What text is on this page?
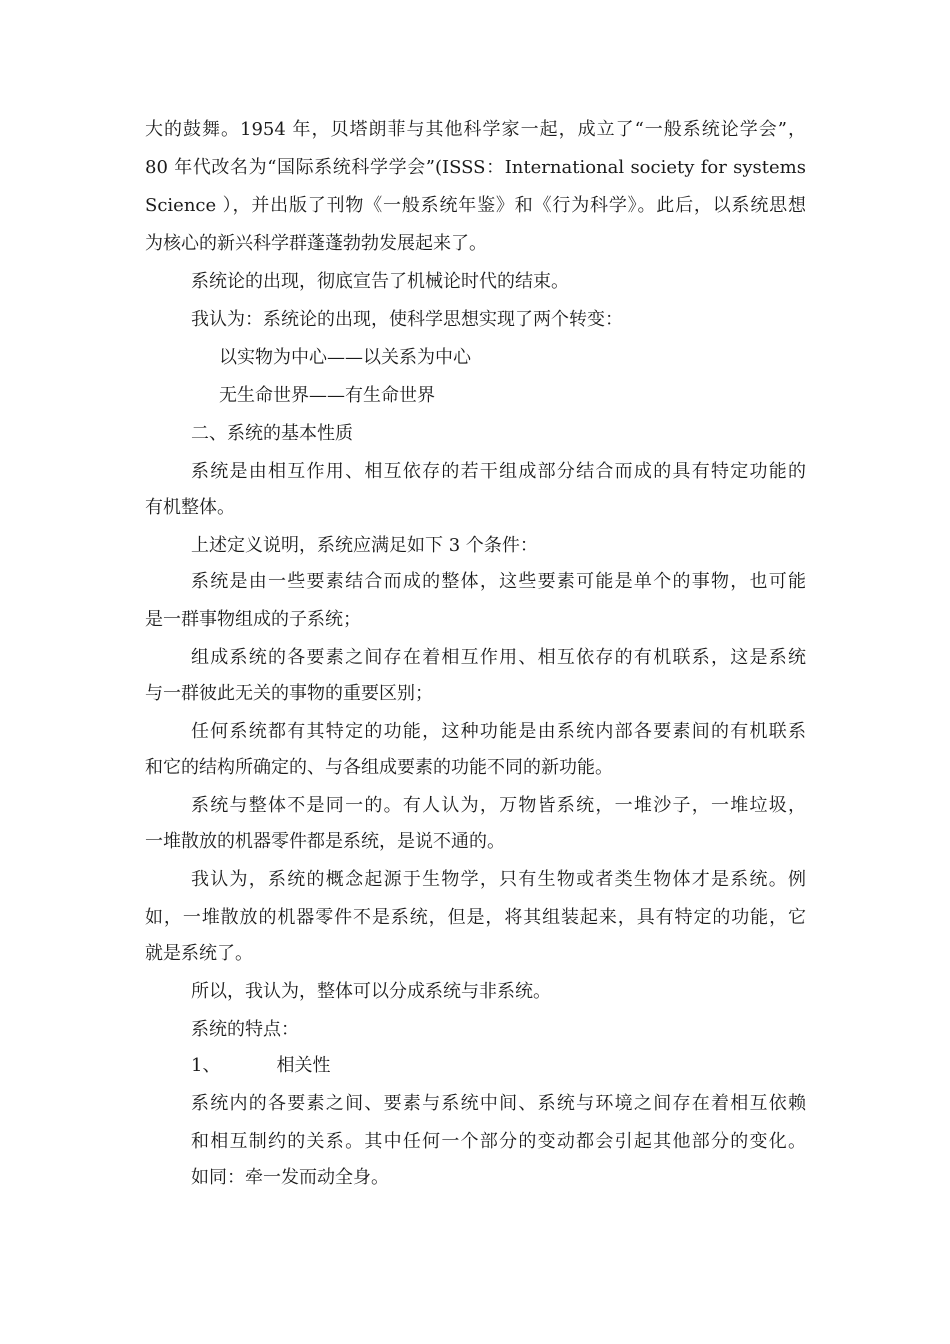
大的鼓舞。1954 年，贝塔朗菲与其他科学家一起，成立了“一般系统论学会”，
80 年代改名为“国际系统科学学会”(ISSS：International society for systems
Science ），并出版了刊物《一般系统年鉴》和《行为科学》。此后，以系统思想
为核心的新兴科学群蓬蓬勃勃发展起来了。
系统论的出现，彻底宣告了机械论时代的结束。
我认为：系统论的出现，使科学思想实现了两个转变：
以实物为中心——以关系为中心
无生命世界——有生命世界
二、系统的基本性质
系统是由相互作用、相互依存的若干组成部分结合而成的具有特定功能的
有机整体。
上述定义说明，系统应满足如下 3 个条件：
系统是由一些要素结合而成的整体，这些要素可能是单个的事物，也可能
是一群事物组成的子系统；
组成系统的各要素之间存在着相互作用、相互依存的有机联系，这是系统
与一群彼此无关的事物的重要区别；
任何系统都有其特定的功能，这种功能是由系统内部各要素间的有机联系
和它的结构所确定的、与各组成要素的功能不同的新功能。
系统与整体不是同一的。有人认为，万物皆系统，一堆沙子，一堆垃圾，
一堆散放的机器零件都是系统，是说不通的。
我认为，系统的概念起源于生物学，只有生物或者类生物体才是系统。例
如，一堆散放的机器零件不是系统，但是，将其组装起来，具有特定的功能，它
就是系统了。
所以，我认为，整体可以分成系统与非系统。
系统的特点：
1、	相关性
系统内的各要素之间、要素与系统中间、系统与环境之间存在着相互依赖
和相互制约的关系。其中任何一个部分的变动都会引起其他部分的变化。
如同：牵一发而动全身。
